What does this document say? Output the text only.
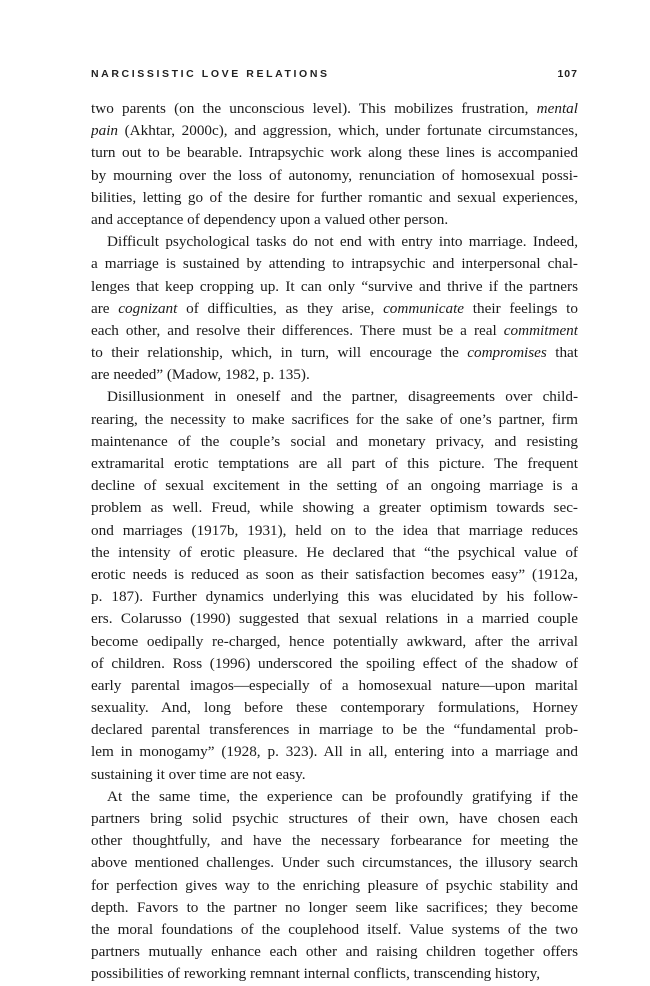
NARCISSISTIC LOVE RELATIONS	107
two parents (on the unconscious level). This mobilizes frustration, mental
pain (Akhtar, 2000c), and aggression, which, under fortunate circumstances,
turn out to be bearable. Intrapsychic work along these lines is accompanied
by mourning over the loss of autonomy, renunciation of homosexual possi-
bilities, letting go of the desire for further romantic and sexual experiences,
and acceptance of dependency upon a valued other person.
Difficult psychological tasks do not end with entry into marriage. Indeed,
a marriage is sustained by attending to intrapsychic and interpersonal chal-
lenges that keep cropping up. It can only “survive and thrive if the partners
are cognizant of difficulties, as they arise, communicate their feelings to
each other, and resolve their differences. There must be a real commitment
to their relationship, which, in turn, will encourage the compromises that
are needed” (Madow, 1982, p. 135).
Disillusionment in oneself and the partner, disagreements over child-
rearing, the necessity to make sacrifices for the sake of one’s partner, firm
maintenance of the couple’s social and monetary privacy, and resisting
extramarital erotic temptations are all part of this picture. The frequent
decline of sexual excitement in the setting of an ongoing marriage is a
problem as well. Freud, while showing a greater optimism towards sec-
ond marriages (1917b, 1931), held on to the idea that marriage reduces
the intensity of erotic pleasure. He declared that “the psychical value of
erotic needs is reduced as soon as their satisfaction becomes easy” (1912a,
p. 187). Further dynamics underlying this was elucidated by his follow-
ers. Colarusso (1990) suggested that sexual relations in a married couple
become oedipally re-charged, hence potentially awkward, after the arrival
of children. Ross (1996) underscored the spoiling effect of the shadow of
early parental imagos—especially of a homosexual nature—upon marital
sexuality. And, long before these contemporary formulations, Horney
declared parental transferences in marriage to be the “fundamental prob-
lem in monogamy” (1928, p. 323). All in all, entering into a marriage and
sustaining it over time are not easy.
At the same time, the experience can be profoundly gratifying if the
partners bring solid psychic structures of their own, have chosen each
other thoughtfully, and have the necessary forbearance for meeting the
above mentioned challenges. Under such circumstances, the illusory search
for perfection gives way to the enriching pleasure of psychic stability and
depth. Favors to the partner no longer seem like sacrifices; they become
the moral foundations of the couplehood itself. Value systems of the two
partners mutually enhance each other and raising children together offers
possibilities of reworking remnant internal conflicts, transcending history,
